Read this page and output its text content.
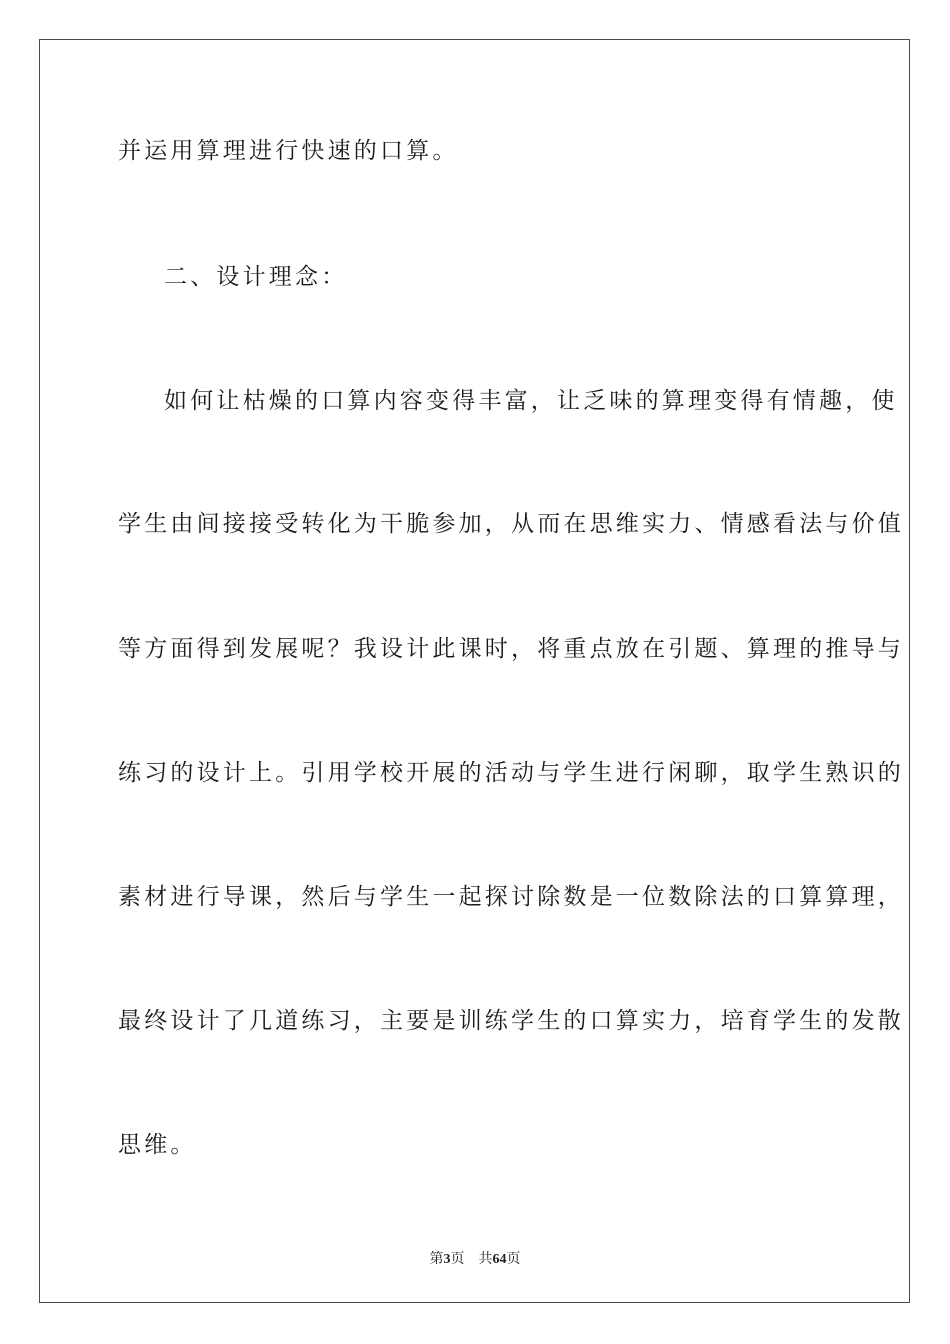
并运用算理进行快速的口算。
二、设计理念：
如何让枯燥的口算内容变得丰富，让乏味的算理变得有情趣，使
学生由间接接受转化为干脆参加，从而在思维实力、情感看法与价值
等方面得到发展呢？我设计此课时，将重点放在引题、算理的推导与
练习的设计上。引用学校开展的活动与学生进行闲聊，取学生熟识的
素材进行导课，然后与学生一起探讨除数是一位数除法的口算算理，
最终设计了几道练习，主要是训练学生的口算实力，培育学生的发散
思维。
第3页 共64页
